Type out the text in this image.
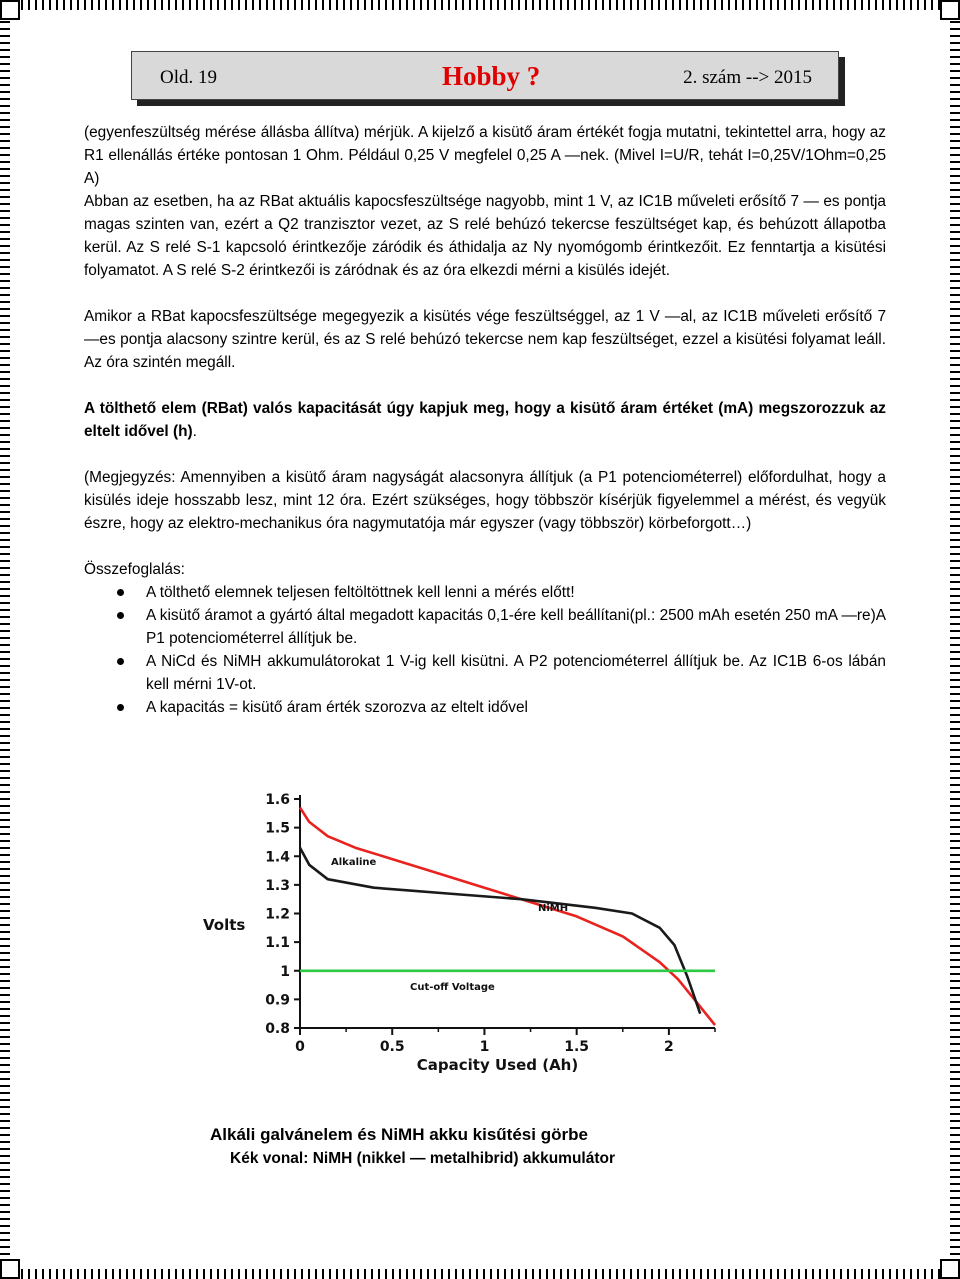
Old. 19	Hobby ?	2. szám --> 2015

(egyenfeszültség mérése állásba állítva) mérjük. A kijelző a kisütő áram értékét fogja mutatni, tekintettel arra, hogy az R1 ellenállás értéke pontosan 1 Ohm. Például 0,25 V megfelel 0,25 A —nek. (Mivel I=U/R, tehát I=0,25V/1Ohm=0,25 A)

Abban az esetben, ha az RBat aktuális kapocsfeszültsége nagyobb, mint 1 V, az IC1B műveleti erősítő 7 — es pontja magas szinten van, ezért a Q2 tranzisztor vezet, az S relé behúzó tekercse feszültséget kap, és behúzott állapotba kerül. Az S relé S-1 kapcsoló érintkezője záródik és áthidalja az Ny nyomógomb érintkezőit. Ez fenntartja a kisütési folyamatot. A S relé S-2 érintkezői is záródnak és az óra elkezdi mérni a kisülés idejét.

Amikor a RBat kapocsfeszültsége megegyezik a kisütés vége feszültséggel, az 1 V —al, az IC1B műveleti erősítő 7 —es pontja alacsony szintre kerül, és az S relé behúzó tekercse nem kap feszültséget, ezzel a kisütési folyamat leáll. Az óra szintén megáll.

A tölthető elem (RBat) valós kapacitását úgy kapjuk meg, hogy a kisütő áram értéket (mA) megszorozzuk az eltelt idővel (h).

(Megjegyzés: Amennyiben a kisütő áram nagyságát alacsonyra állítjuk (a P1 potenciométerrel) előfordulhat, hogy a kisülés ideje hosszabb lesz, mint 12 óra. Ezért szükséges, hogy többször kísérjük figyelemmel a mérést, és vegyük észre, hogy az elektro-mechanikus óra nagymutatója már egyszer (vagy többször) körbeforgott…)

Összefoglalás:

A tölthető elemnek teljesen feltöltöttnek kell lenni a mérés előtt!
A kisütő áramot a gyártó által megadott kapacitás 0,1-ére kell beállítani(pl.: 2500 mAh esetén 250 mA —re)A P1 potenciométerrel állítjuk be.
A NiCd és NiMH akkumulátorokat 1 V-ig kell kisütni. A P2 potenciométerrel állítjuk be. Az IC1B 6-os lábán kell mérni 1V-ot.
A kapacitás = kisütő áram érték szorozva az eltelt idővel
1.6
1.5
1.4
1.3
1.2
1.1
1
0.9
0.8
0	0.5	1	1.5	2
Volts
Capacity Used (Ah)
Alkaline
NiMH
Cut-off Voltage
Alkáli galvánelem és NiMH akku kisűtési görbe
Kék vonal: NiMH (nikkel — metalhibrid) akkumulátor
